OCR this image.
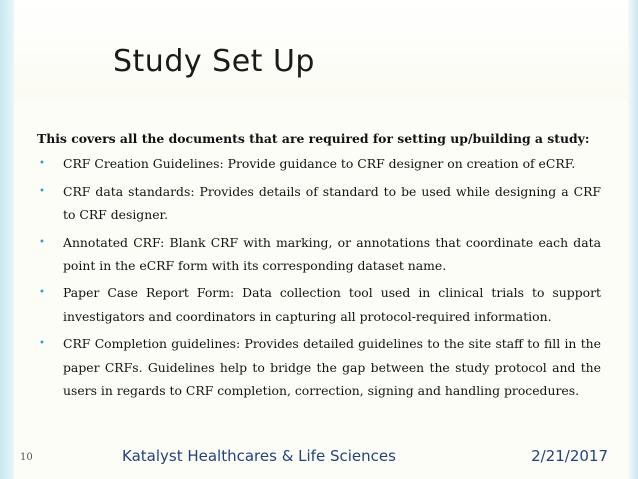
Study Set Up

This covers all the documents that are required for setting up/building a study:

• CRF Creation Guidelines: Provide guidance to CRF designer on creation of eCRF.
• CRF data standards: Provides details of standard to be used while designing a CRF to CRF designer.
• Annotated CRF: Blank CRF with marking, or annotations that coordinate each data point in the eCRF form with its corresponding dataset name.
• Paper Case Report Form: Data collection tool used in clinical trials to support investigators and coordinators in capturing all protocol-required information.
• CRF Completion guidelines: Provides detailed guidelines to the site staff to fill in the paper CRFs. Guidelines help to bridge the gap between the study protocol and the users in regards to CRF completion, correction, signing and handling procedures.
10	Katalyst Healthcares & Life Sciences	2/21/2017
